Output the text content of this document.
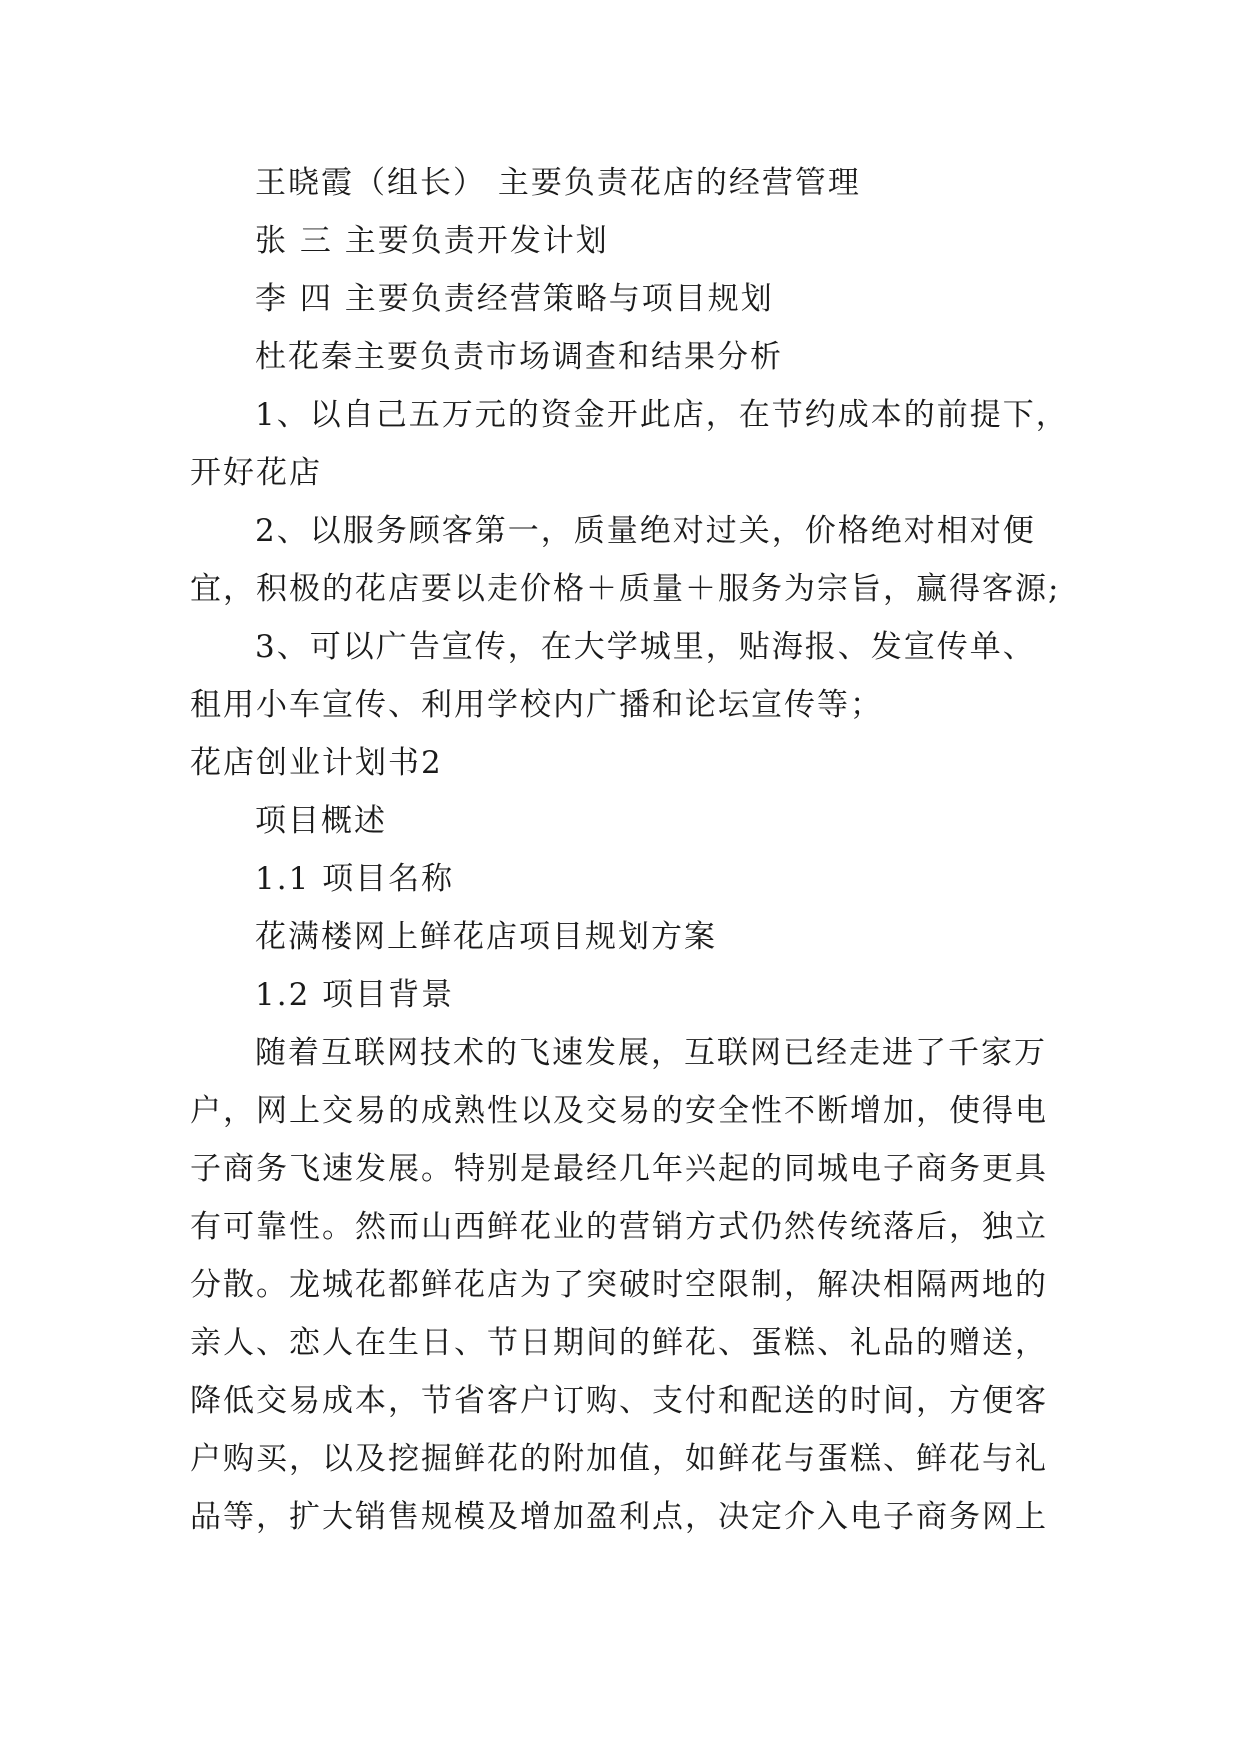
王晓霞（组长） 主要负责花店的经营管理

张 三 主要负责开发计划

李 四 主要负责经营策略与项目规划

杜花秦主要负责市场调查和结果分析

1、以自己五万元的资金开此店，在节约成本的前提下，

开好花店

2、以服务顾客第一，质量绝对过关，价格绝对相对便

宜，积极的花店要以走价格＋质量＋服务为宗旨，赢得客源;

3、可以广告宣传，在大学城里，贴海报、发宣传单、

租用小车宣传、利用学校内广播和论坛宣传等；

花店创业计划书2

项目概述

1.1 项目名称

花满楼网上鲜花店项目规划方案

1.2 项目背景

随着互联网技术的飞速发展，互联网已经走进了千家万

户，网上交易的成熟性以及交易的安全性不断增加，使得电

子商务飞速发展。特别是最经几年兴起的同城电子商务更具

有可靠性。然而山西鲜花业的营销方式仍然传统落后，独立

分散。龙城花都鲜花店为了突破时空限制，解决相隔两地的

亲人、恋人在生日、节日期间的鲜花、蛋糕、礼品的赠送，

降低交易成本，节省客户订购、支付和配送的时间，方便客

户购买，以及挖掘鲜花的附加值，如鲜花与蛋糕、鲜花与礼

品等，扩大销售规模及增加盈利点，决定介入电子商务网上
